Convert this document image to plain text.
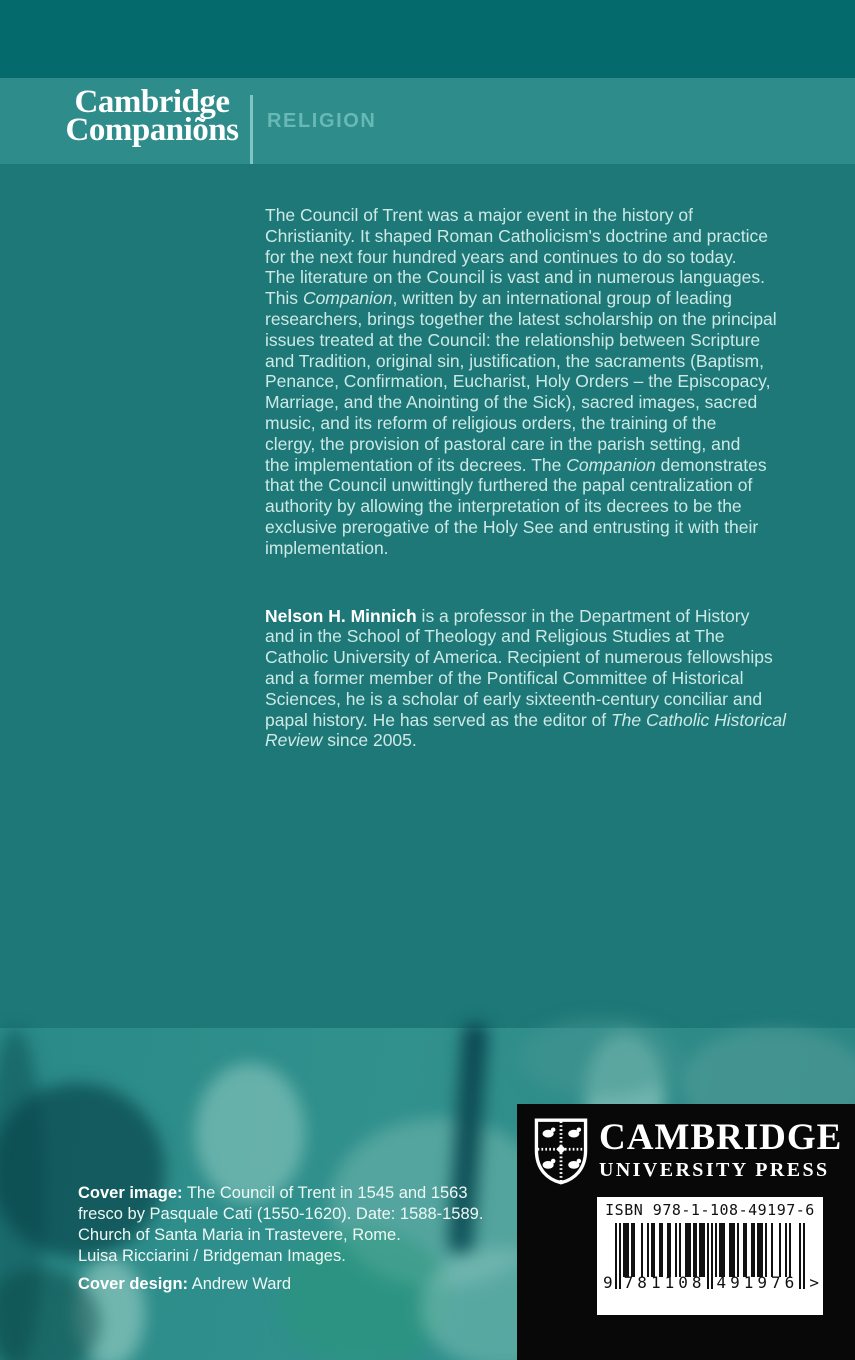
Cambridge
Companiõns RELIGION
The Council of Trent was a major event in the history of
Christianity. It shaped Roman Catholicism's doctrine and practice
for the next four hundred years and continues to do so today.
The literature on the Council is vast and in numerous languages.
This Companion, written by an international group of leading
researchers, brings together the latest scholarship on the principal
issues treated at the Council: the relationship between Scripture
and Tradition, original sin, justification, the sacraments (Baptism,
Penance, Confirmation, Eucharist, Holy Orders – the Episcopacy,
Marriage, and the Anointing of the Sick), sacred images, sacred
music, and its reform of religious orders, the training of the
clergy, the provision of pastoral care in the parish setting, and
the implementation of its decrees. The Companion demonstrates
that the Council unwittingly furthered the papal centralization of
authority by allowing the interpretation of its decrees to be the
exclusive prerogative of the Holy See and entrusting it with their
implementation.
Nelson H. Minnich is a professor in the Department of History
and in the School of Theology and Religious Studies at The
Catholic University of America. Recipient of numerous fellowships
and a former member of the Pontifical Committee of Historical
Sciences, he is a scholar of early sixteenth-century conciliar and
papal history. He has served as the editor of The Catholic Historical
Review since 2005.
Cover image: The Council of Trent in 1545 and 1563
fresco by Pasquale Cati (1550-1620). Date: 1588-1589.
Church of Santa Maria in Trastevere, Rome.
Luisa Ricciarini / Bridgeman Images.
Cover design: Andrew Ward
CAMBRIDGE
UNIVERSITY PRESS
ISBN 978-1-108-49197-6
9 781108 491976 >
